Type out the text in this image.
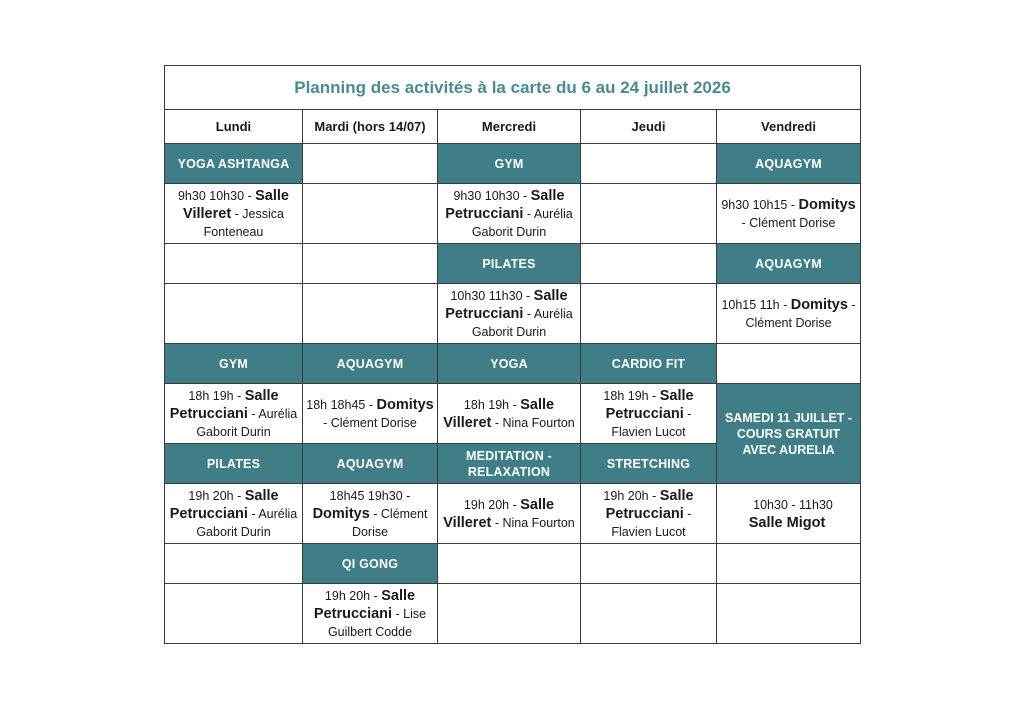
Planning des activités à la carte du 6 au 24 juillet 2026				
Lundi	Mardi (hors 14/07)	Mercredi	Jeudi	Vendredi
YOGA ASHTANGA		GYM		AQUAGYM
9h30 10h30 - Salle Villeret - Jessica Fonteneau		9h30 10h30 - Salle Petrucciani - Aurélia Gaborit Durin		9h30 10h15 - Domitys - Clément Dorise
		PILATES		AQUAGYM
		10h30 11h30 - Salle Petrucciani - Aurélia Gaborit Durin		10h15 11h - Domitys - Clément Dorise
GYM	AQUAGYM	YOGA	CARDIO FIT	
18h 19h - Salle Petrucciani - Aurélia Gaborit Durin	18h 18h45 - Domitys - Clément Dorise	18h 19h - Salle Villeret - Nina Fourton	18h 19h - Salle Petrucciani - Flavien Lucot	SAMEDI 11 JUILLET - COURS GRATUIT AVEC AURELIA
PILATES	AQUAGYM	MEDITATION - RELAXATION	STRETCHING	
19h 20h - Salle Petrucciani - Aurélia Gaborit Durin	18h45 19h30 - Domitys - Clément Dorise	19h 20h - Salle Villeret - Nina Fourton	19h 20h - Salle Petrucciani - Flavien Lucot	10h30 - 11h30
Salle Migot

	QI GONG			
	19h 20h - Salle Petrucciani - Lise Guilbert Codde			
